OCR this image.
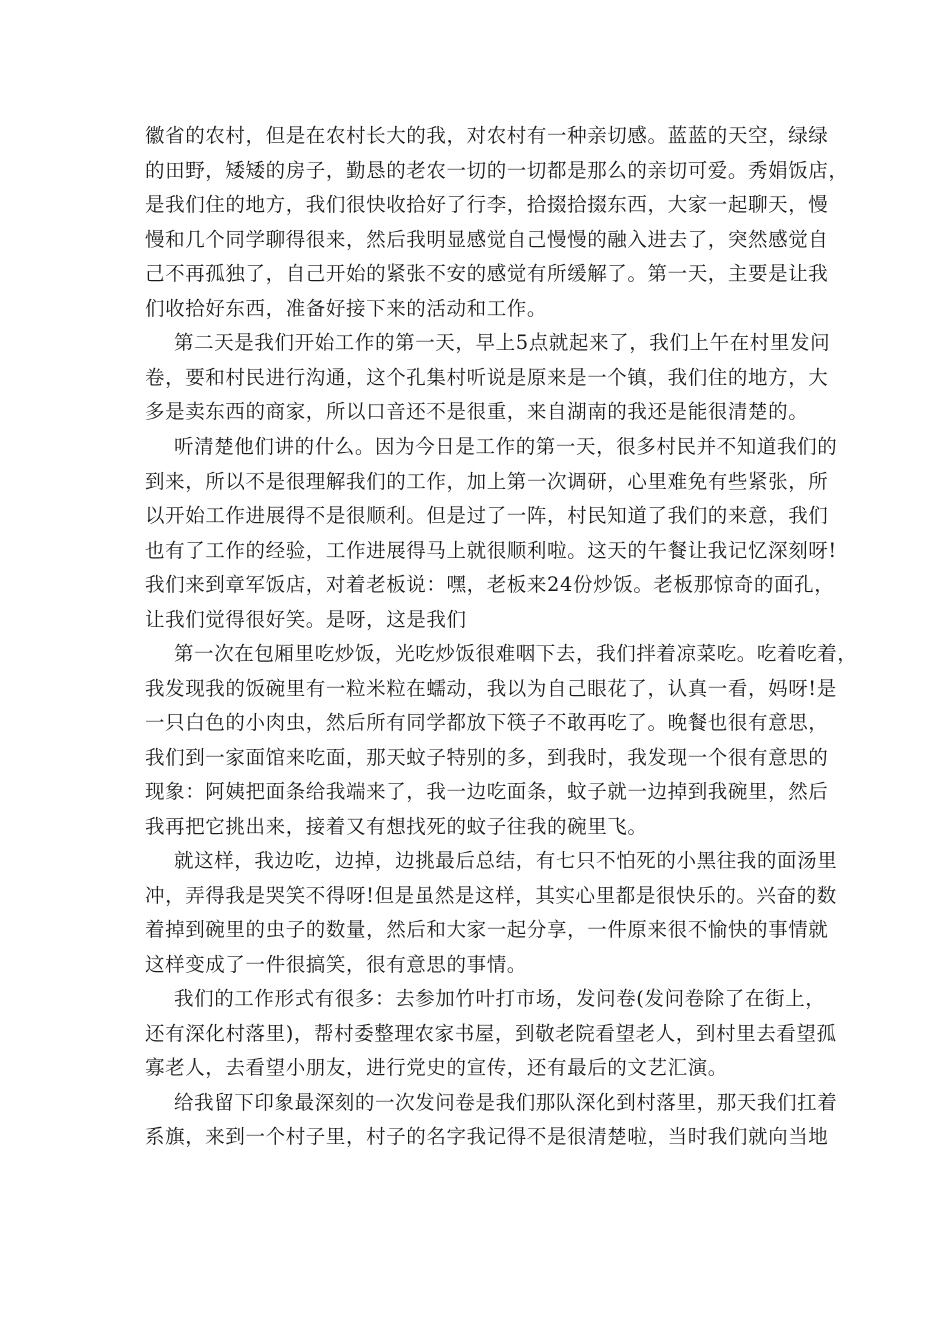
徽省的农村，但是在农村长大的我，对农村有一种亲切感。蓝蓝的天空，绿绿
的田野，矮矮的房子，勤恳的老农一切的一切都是那么的亲切可爱。秀娟饭店，
是我们住的地方，我们很快收拾好了行李，拾掇拾掇东西，大家一起聊天，慢
慢和几个同学聊得很来，然后我明显感觉自己慢慢的融入进去了，突然感觉自
己不再孤独了，自己开始的紧张不安的感觉有所缓解了。第一天，主要是让我
们收拾好东西，准备好接下来的活动和工作。
第二天是我们开始工作的第一天，早上5点就起来了，我们上午在村里发问
卷，要和村民进行沟通，这个孔集村听说是原来是一个镇，我们住的地方，大
多是卖东西的商家，所以口音还不是很重，来自湖南的我还是能很清楚的。
听清楚他们讲的什么。因为今日是工作的第一天，很多村民并不知道我们的
到来，所以不是很理解我们的工作，加上第一次调研，心里难免有些紧张，所
以开始工作进展得不是很顺利。但是过了一阵，村民知道了我们的来意，我们
也有了工作的经验，工作进展得马上就很顺利啦。这天的午餐让我记忆深刻呀!
我们来到章军饭店，对着老板说：嘿，老板来24份炒饭。老板那惊奇的面孔，
让我们觉得很好笑。是呀，这是我们
第一次在包厢里吃炒饭，光吃炒饭很难咽下去，我们拌着凉菜吃。吃着吃着，
我发现我的饭碗里有一粒米粒在蠕动，我以为自己眼花了，认真一看，妈呀!是
一只白色的小肉虫，然后所有同学都放下筷子不敢再吃了。晚餐也很有意思，
我们到一家面馆来吃面，那天蚊子特别的多，到我时，我发现一个很有意思的
现象：阿姨把面条给我端来了，我一边吃面条，蚊子就一边掉到我碗里，然后
我再把它挑出来，接着又有想找死的蚊子往我的碗里飞。
就这样，我边吃，边掉，边挑最后总结，有七只不怕死的小黑往我的面汤里
冲，弄得我是哭笑不得呀!但是虽然是这样，其实心里都是很快乐的。兴奋的数
着掉到碗里的虫子的数量，然后和大家一起分享，一件原来很不愉快的事情就
这样变成了一件很搞笑，很有意思的事情。
我们的工作形式有很多：去参加竹叶打市场，发问卷(发问卷除了在街上，
还有深化村落里)，帮村委整理农家书屋，到敬老院看望老人，到村里去看望孤
寡老人，去看望小朋友，进行党史的宣传，还有最后的文艺汇演。
给我留下印象最深刻的一次发问卷是我们那队深化到村落里，那天我们扛着
系旗，来到一个村子里，村子的名字我记得不是很清楚啦，当时我们就向当地
